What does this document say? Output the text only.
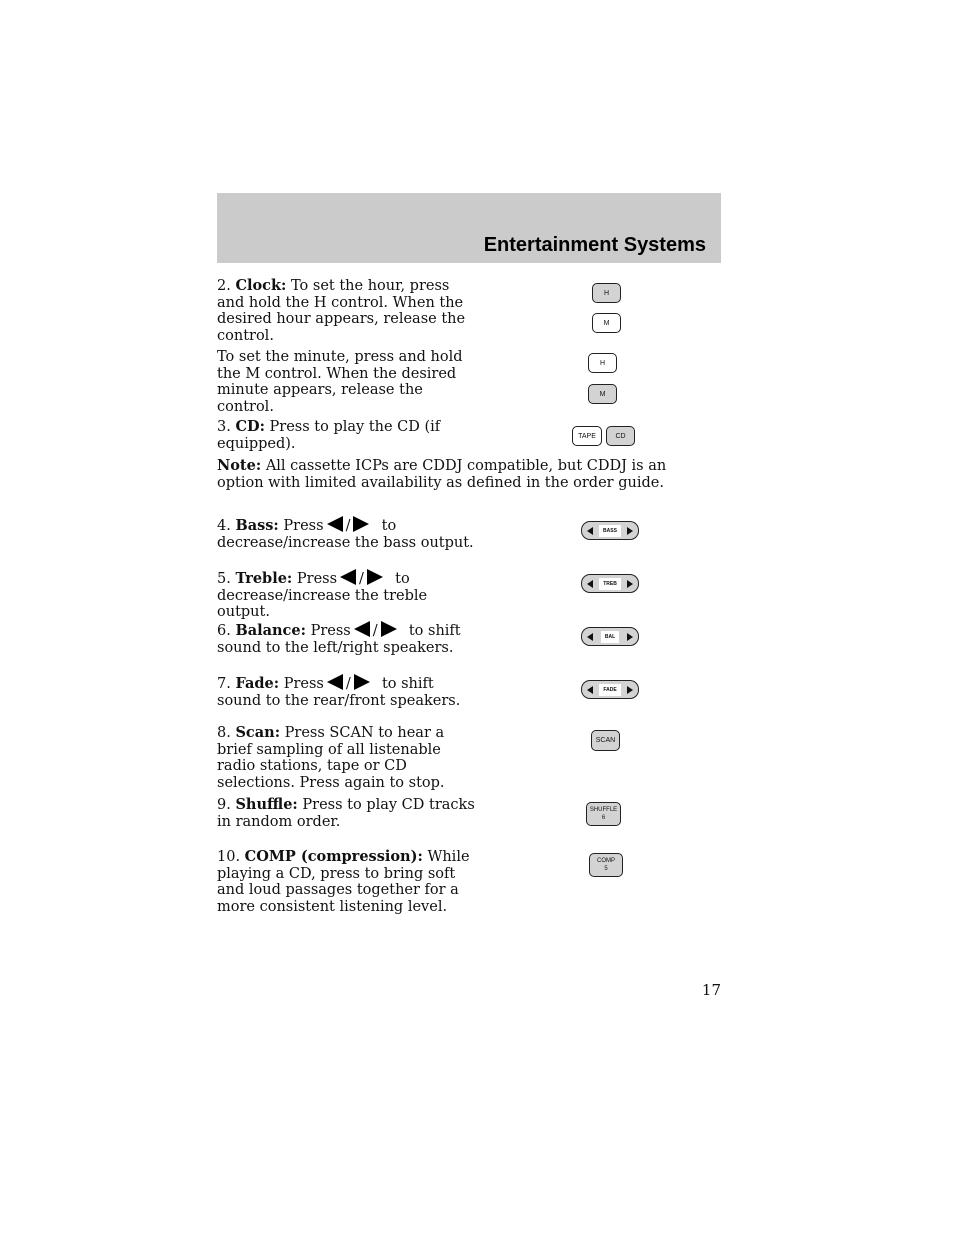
Entertainment Systems
2. Clock: To set the hour, press and hold the H control. When the desired hour appears, release the control.
To set the minute, press and hold the M control. When the desired minute appears, release the control.
H
M
H
M
3. CD: Press to play the CD (if equipped).
Note: All cassette ICPs are CDDJ compatible, but CDDJ is an option with limited availability as defined in the order guide.
TAPE	CD
4. Bass: Press / to
decrease/increase the bass output.
BASS
5. Treble: Press / to
decrease/increase the treble output.
TREB
6. Balance: Press / to shift
sound to the left/right speakers.
BAL
7. Fade: Press / to shift
sound to the rear/front speakers.
FADE
8. Scan: Press SCAN to hear a brief sampling of all listenable radio stations, tape or CD selections. Press again to stop.
SCAN
9. Shuffle: Press to play CD tracks in random order.
SHUFFLE
6
10. COMP (compression): While playing a CD, press to bring soft and loud passages together for a more consistent listening level.
COMP
5
17
